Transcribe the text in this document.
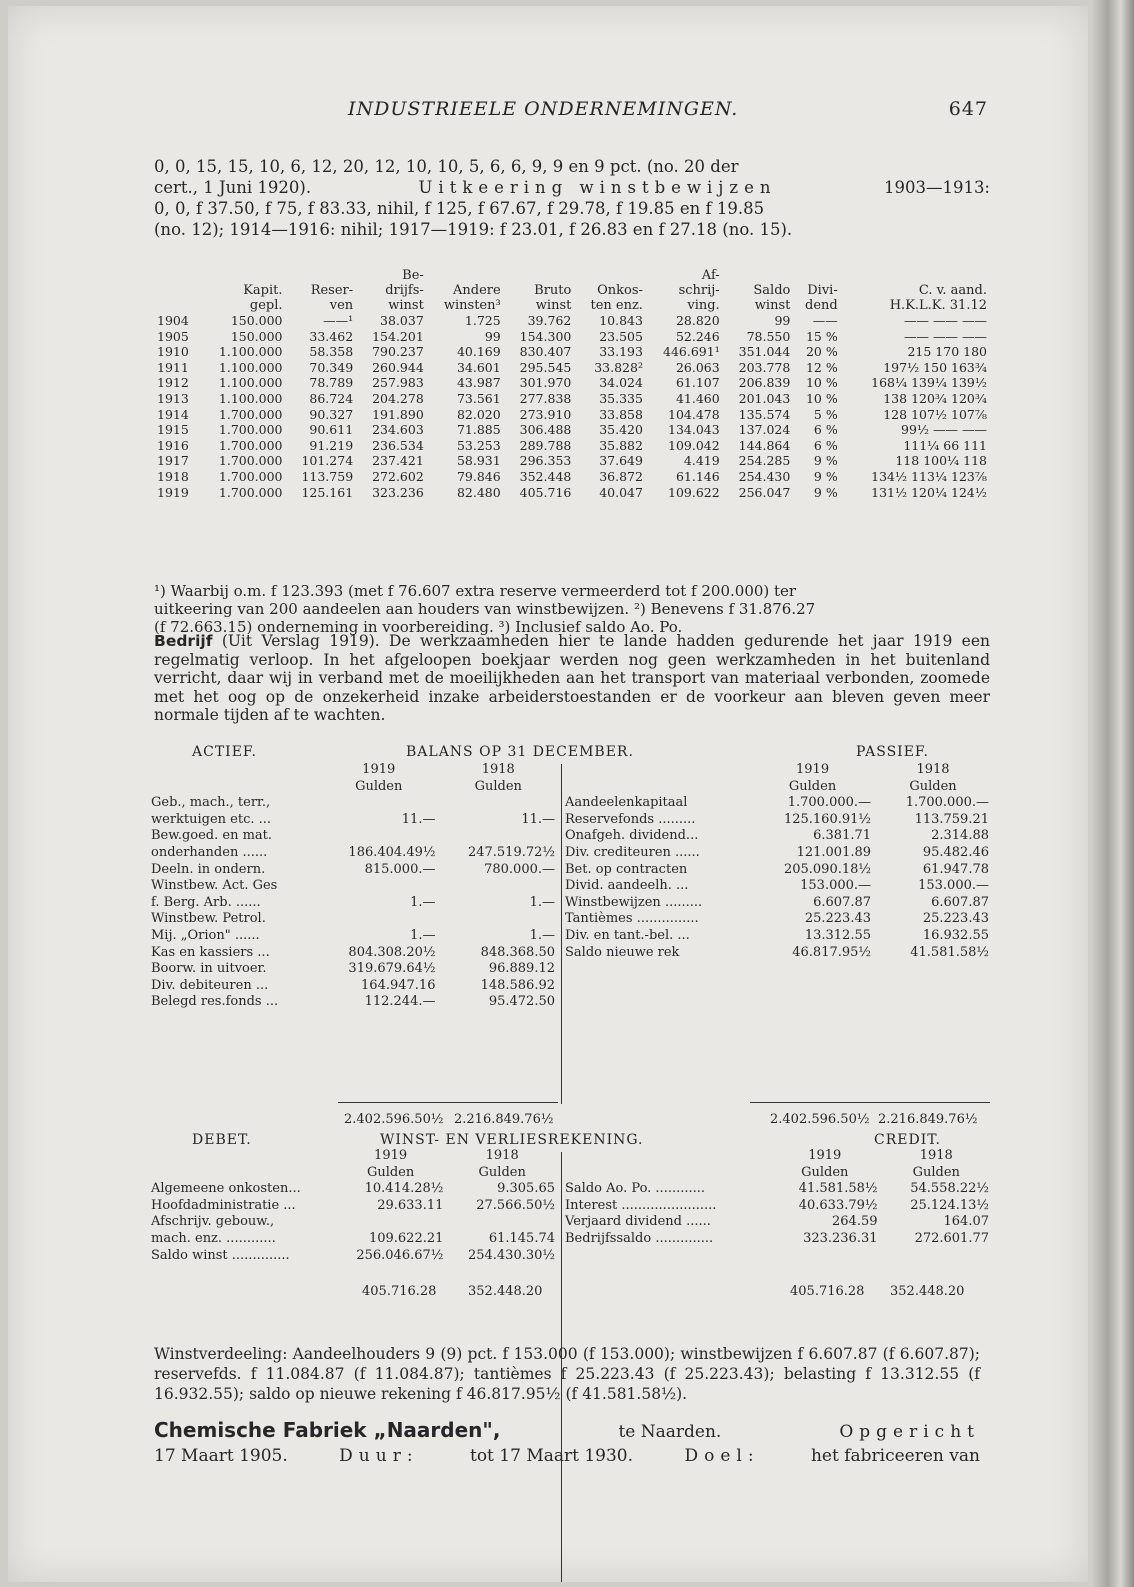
INDUSTRIEELE ONDERNEMINGEN.	647
0, 0, 15, 15, 10, 6, 12, 20, 12, 10, 10, 5, 6, 6, 9, 9 en 9 pct. (no. 20 der
cert., 1 Juni 1920).	Uitkeering winstbewijzen	1903—1913:
0, 0, f 37.50, f 75, f 83.33, nihil, f 125, f 67.67, f 29.78, f 19.85 en f 19.85
(no. 12); 1914—1916: nihil; 1917—1919: f 23.01, f 26.83 en f 27.18 (no. 15).
			Be-				Af-			
	Kapit.	Reser-	drijfs-	Andere	Bruto	Onkos-	schrij-	Saldo	Divi-	C. v. aand.
	gepl.	ven	winst	winsten³	winst	ten enz.	ving.	winst	dend	H.K.L.K. 31.12
1904	150.000	——¹	38.037	1.725	39.762	10.843	28.820	99	——	—— —— ——
1905	150.000	33.462	154.201	99	154.300	23.505	52.246	78.550	15 %	—— —— ——
1910	1.100.000	58.358	790.237	40.169	830.407	33.193	446.691¹	351.044	20 %	215 170 180
1911	1.100.000	70.349	260.944	34.601	295.545	33.828²	26.063	203.778	12 %	197½ 150 163¾
1912	1.100.000	78.789	257.983	43.987	301.970	34.024	61.107	206.839	10 %	168¼ 139¼ 139½
1913	1.100.000	86.724	204.278	73.561	277.838	35.335	41.460	201.043	10 %	138 120¾ 120¾
1914	1.700.000	90.327	191.890	82.020	273.910	33.858	104.478	135.574	5 %	128 107½ 107⅞
1915	1.700.000	90.611	234.603	71.885	306.488	35.420	134.043	137.024	6 %	99½ —— ——
1916	1.700.000	91.219	236.534	53.253	289.788	35.882	109.042	144.864	6 %	111¼ 66 111
1917	1.700.000	101.274	237.421	58.931	296.353	37.649	4.419	254.285	9 %	118 100¼ 118
1918	1.700.000	113.759	272.602	79.846	352.448	36.872	61.146	254.430	9 %	134½ 113¼ 123⅞
1919	1.700.000	125.161	323.236	82.480	405.716	40.047	109.622	256.047	9 %	131½ 120¼ 124½
¹) Waarbij o.m. f 123.393 (met f 76.607 extra reserve vermeerderd tot f 200.000) ter
uitkeering van 200 aandeelen aan houders van winstbewijzen. ²) Benevens f 31.876.27
(f 72.663.15) onderneming in voorbereiding. ³) Inclusief saldo Ao. Po.
Bedrijf (Uit Verslag 1919). De werkzaamheden hier te lande hadden gedurende het jaar 1919 een regelmatig verloop. In het afgeloopen boekjaar werden nog geen werkzamheden in het buitenland verricht, daar wij in verband met de moeilijkheden aan het transport van materiaal verbonden, zoomede met het oog op de onzekerheid inzake arbeiderstoestanden er de voorkeur aan bleven geven meer normale tijden af te wachten.
ACTIEF.	BALANS OP 31 DECEMBER.	PASSIEF.
	1919	1918
	Gulden	Gulden
Geb., mach., terr.,		
werktuigen etc. ...	11.—	11.—
Bew.goed. en mat.		
onderhanden ......	186.404.49½	247.519.72½
Deeln. in ondern.	815.000.—	780.000.—
Winstbew. Act. Ges		
f. Berg. Arb. ......	1.—	1.—
Winstbew. Petrol.		
Mij. „Orion" ......	1.—	1.—
Kas en kassiers ...	804.308.20½	848.368.50
Boorw. in uitvoer.	319.679.64½	96.889.12
Div. debiteuren ...	164.947.16	148.586.92
Belegd res.fonds ...	112.244.—	95.472.50
	1919	1918
	Gulden	Gulden
Aandeelenkapitaal	1.700.000.—	1.700.000.—
Reservefonds .........	125.160.91½	113.759.21
Onafgeh. dividend...	6.381.71	2.314.88
Div. crediteuren ......	121.001.89	95.482.46
Bet. op contracten	205.090.18½	61.947.78
Divid. aandeelh. ...	153.000.—	153.000.—
Winstbewijzen .........	6.607.87	6.607.87
Tantièmes ...............	25.223.43	25.223.43
Div. en tant.-bel. ...	13.312.55	16.932.55
Saldo nieuwe rek	46.817.95½	41.581.58½
2.402.596.50½ 2.216.849.76½	2.402.596.50½ 2.216.849.76½
DEBET.	WINST- EN VERLIESREKENING.	CREDIT.
	1919	1918
	Gulden	Gulden
Algemeene onkosten...	10.414.28½	9.305.65
Hoofdadministratie ...	29.633.11	27.566.50½
Afschrijv. gebouw.,		
mach. enz. ............	109.622.21	61.145.74
Saldo winst ..............	256.046.67½	254.430.30½
	1919	1918
	Gulden	Gulden
Saldo Ao. Po. ............	41.581.58½	54.558.22½
Interest .......................	40.633.79½	25.124.13½
Verjaard dividend ......	264.59	164.07
Bedrijfssaldo ..............	323.236.31	272.601.77
405.716.28 352.448.20	405.716.28 352.448.20
Winstverdeeling: Aandeelhouders 9 (9) pct. f 153.000 (f 153.000); winstbewijzen f 6.607.87 (f 6.607.87); reservefds. f 11.084.87 (f 11.084.87); tantièmes f 25.223.43 (f 25.223.43); belasting f 13.312.55 (f 16.932.55); saldo op nieuwe rekening f 46.817.95½ (f 41.581.58½).
Chemische Fabriek „Naarden",	te Naarden.	Opgericht
17 Maart 1905.	Duur:	tot 17 Maart 1930.	Doel:	het fabriceeren van
